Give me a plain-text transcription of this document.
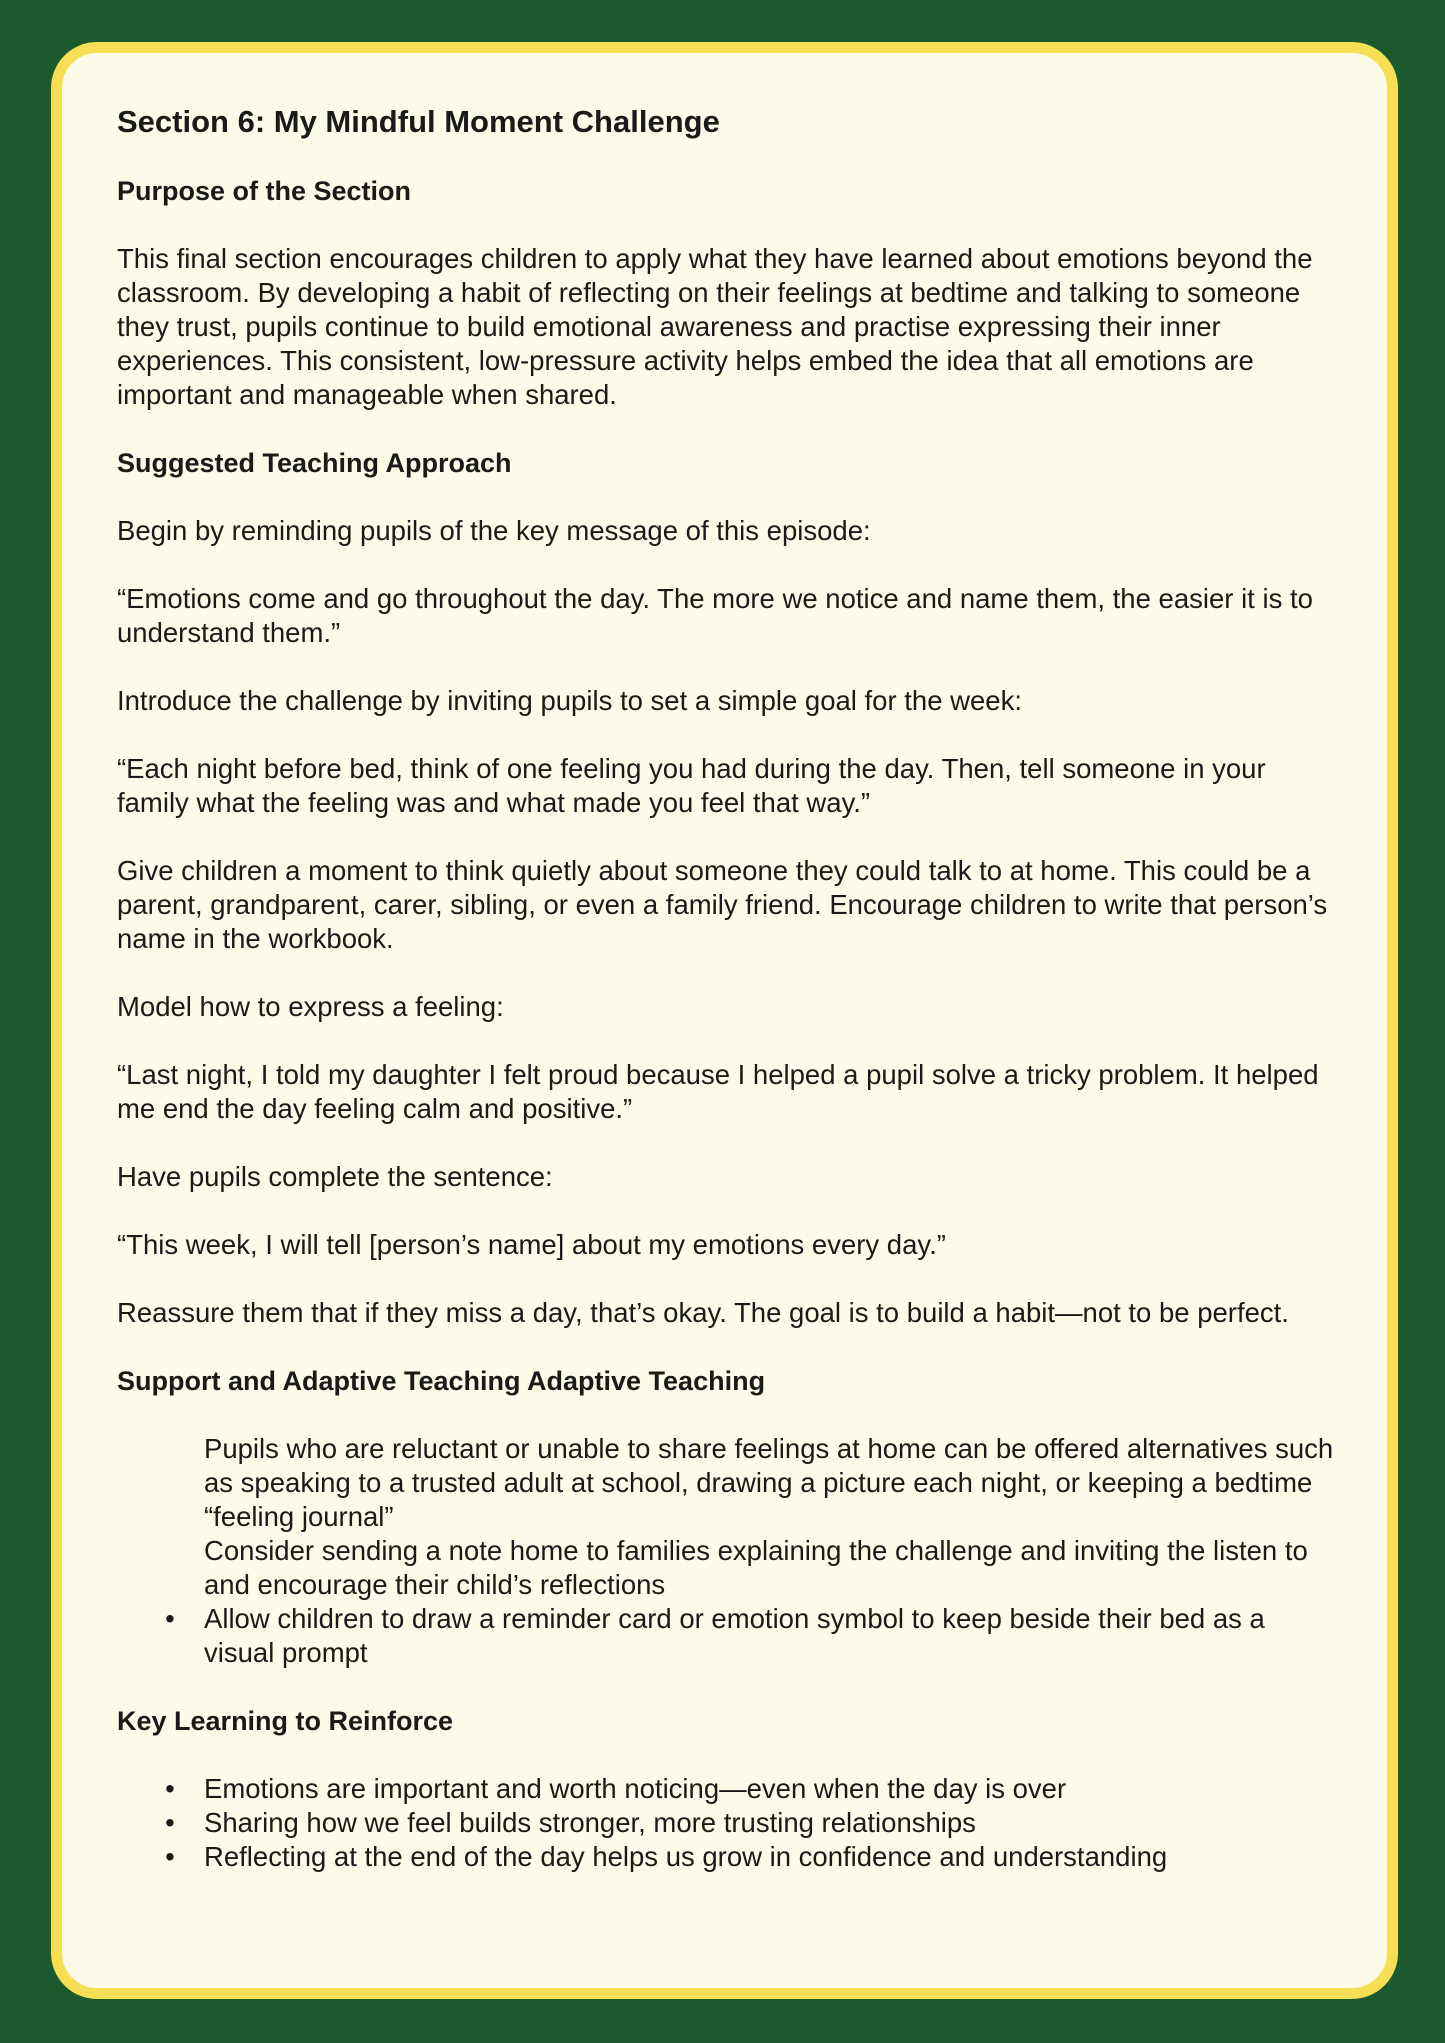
Section 6: My Mindful Moment Challenge
Purpose of the Section

This final section encourages children to apply what they have learned about emotions beyond the classroom. By developing a habit of reflecting on their feelings at bedtime and talking to someone they trust, pupils continue to build emotional awareness and practise expressing their inner experiences. This consistent, low-pressure activity helps embed the idea that all emotions are important and manageable when shared.

Suggested Teaching Approach

Begin by reminding pupils of the key message of this episode:

“Emotions come and go throughout the day. The more we notice and name them, the easier it is to understand them.”

Introduce the challenge by inviting pupils to set a simple goal for the week:

“Each night before bed, think of one feeling you had during the day. Then, tell someone in your family what the feeling was and what made you feel that way.”

Give children a moment to think quietly about someone they could talk to at home. This could be a parent, grandparent, carer, sibling, or even a family friend. Encourage children to write that person’s name in the workbook.

Model how to express a feeling:

“Last night, I told my daughter I felt proud because I helped a pupil solve a tricky problem. It helped me end the day feeling calm and positive.”

Have pupils complete the sentence:

“This week, I will tell [person’s name] about my emotions every day.”

Reassure them that if they miss a day, that’s okay. The goal is to build a habit—not to be perfect.

Support and Adaptive Teaching Adaptive Teaching
Pupils who are reluctant or unable to share feelings at home can be offered alternatives such as speaking to a trusted adult at school, drawing a picture each night, or keeping a bedtime “feeling journal”
Consider sending a note home to families explaining the challenge and inviting the listen to and encourage their child’s reflections
• Allow children to draw a reminder card or emotion symbol to keep beside their bed as a visual prompt
Key Learning to Reinforce
• Emotions are important and worth noticing—even when the day is over
• Sharing how we feel builds stronger, more trusting relationships
• Reflecting at the end of the day helps us grow in confidence and understanding
